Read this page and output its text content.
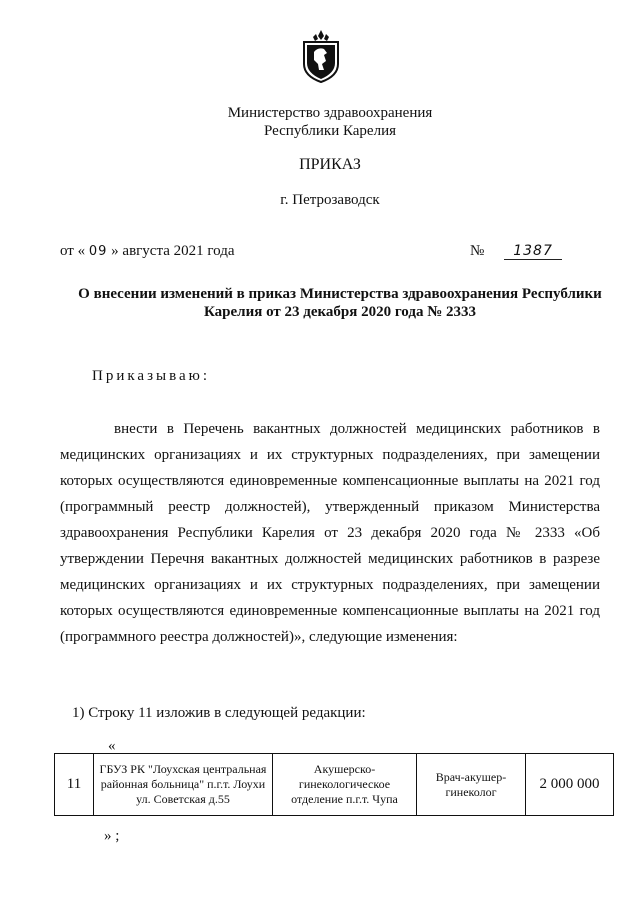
Министерство здравоохранения
Республики Карелия
ПРИКАЗ
г. Петрозаводск
от « 09 » августа 2021 года	№ 1387
О внесении изменений в приказ Министерства здравоохранения Республики
Карелия от 23 декабря 2020 года № 2333
Приказываю:
внести в Перечень вакантных должностей медицинских работников в медицинских организациях и их структурных подразделениях, при замещении которых осуществляются единовременные компенсационные выплаты на 2021 год (программный реестр должностей), утвержденный приказом Министерства здравоохранения Республики Карелия от 23 декабря 2020 года № 2333 «Об утверждении Перечня вакантных должностей медицинских работников в разрезе медицинских организациях и их структурных подразделениях, при замещении которых осуществляются единовременные компенсационные выплаты на 2021 год (программного реестра должностей)», следующие изменения:
1) Строку 11 изложив в следующей редакции:
«
11	ГБУЗ РК "Лоухская центральная районная больница" п.г.т. Лоухи ул. Советская д.55	Акушерско-гинекологическое отделение п.г.т. Чупа	Врач-акушер-гинеколог	2 000 000
» ;
